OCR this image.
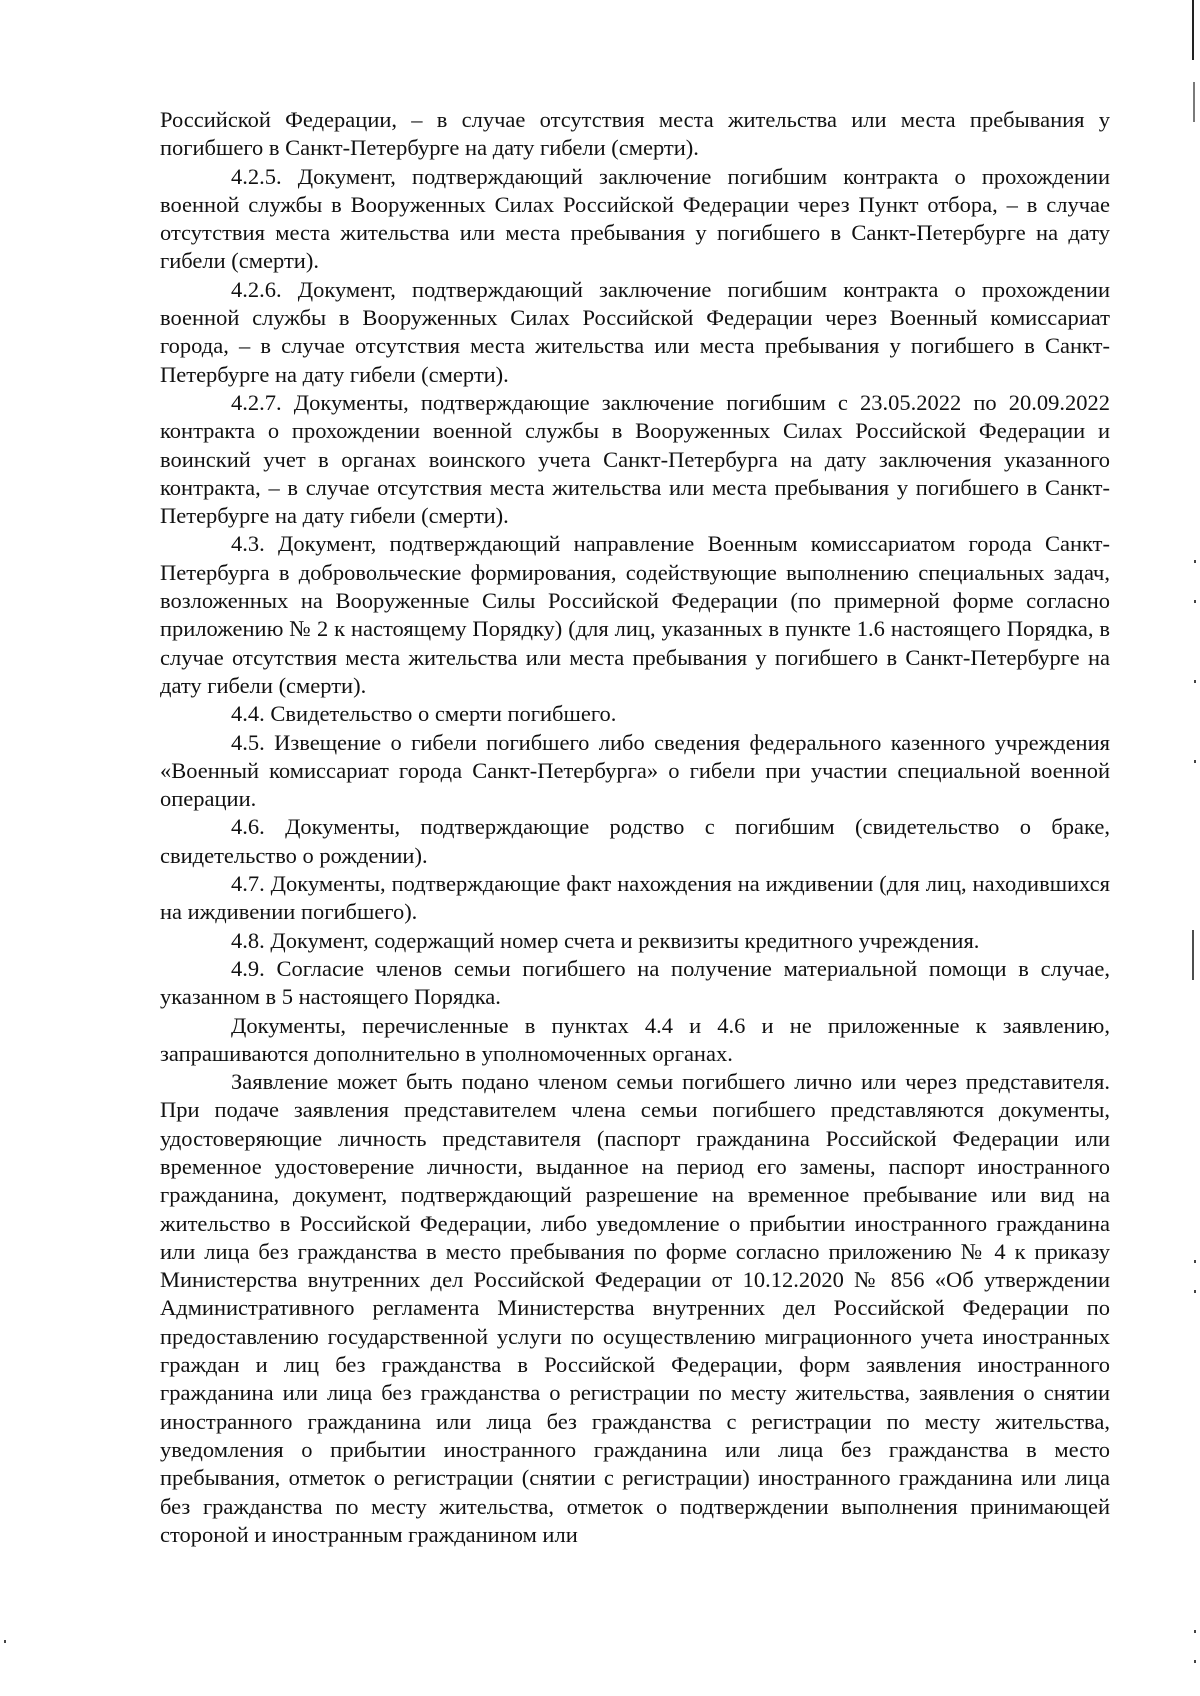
Российской Федерации, – в случае отсутствия места жительства или места пребывания у погибшего в Санкт-Петербурге на дату гибели (смерти).

4.2.5. Документ, подтверждающий заключение погибшим контракта о прохождении военной службы в Вооруженных Силах Российской Федерации через Пункт отбора, – в случае отсутствия места жительства или места пребывания у погибшего в Санкт-Петербурге на дату гибели (смерти).

4.2.6. Документ, подтверждающий заключение погибшим контракта о прохождении военной службы в Вооруженных Силах Российской Федерации через Военный комиссариат города, – в случае отсутствия места жительства или места пребывания у погибшего в Санкт-Петербурге на дату гибели (смерти).

4.2.7. Документы, подтверждающие заключение погибшим с 23.05.2022 по 20.09.2022 контракта о прохождении военной службы в Вооруженных Силах Российской Федерации и воинский учет в органах воинского учета Санкт-Петербурга на дату заключения указанного контракта, – в случае отсутствия места жительства или места пребывания у погибшего в Санкт-Петербурге на дату гибели (смерти).

4.3. Документ, подтверждающий направление Военным комиссариатом города Санкт-Петербурга в добровольческие формирования, содействующие выполнению специальных задач, возложенных на Вооруженные Силы Российской Федерации (по примерной форме согласно приложению № 2 к настоящему Порядку) (для лиц, указанных в пункте 1.6 настоящего Порядка, в случае отсутствия места жительства или места пребывания у погибшего в Санкт-Петербурге на дату гибели (смерти).

4.4. Свидетельство о смерти погибшего.

4.5. Извещение о гибели погибшего либо сведения федерального казенного учреждения «Военный комиссариат города Санкт-Петербурга» о гибели при участии специальной военной операции.

4.6. Документы, подтверждающие родство с погибшим (свидетельство о браке, свидетельство о рождении).

4.7. Документы, подтверждающие факт нахождения на иждивении (для лиц, находившихся на иждивении погибшего).

4.8. Документ, содержащий номер счета и реквизиты кредитного учреждения.

4.9. Согласие членов семьи погибшего на получение материальной помощи в случае, указанном в 5 настоящего Порядка.

Документы, перечисленные в пунктах 4.4 и 4.6 и не приложенные к заявлению, запрашиваются дополнительно в уполномоченных органах.

Заявление может быть подано членом семьи погибшего лично или через представителя. При подаче заявления представителем члена семьи погибшего представляются документы, удостоверяющие личность представителя (паспорт гражданина Российской Федерации или временное удостоверение личности, выданное на период его замены, паспорт иностранного гражданина, документ, подтверждающий разрешение на временное пребывание или вид на жительство в Российской Федерации, либо уведомление о прибытии иностранного гражданина или лица без гражданства в место пребывания по форме согласно приложению № 4 к приказу Министерства внутренних дел Российской Федерации от 10.12.2020 № 856 «Об утверждении Административного регламента Министерства внутренних дел Российской Федерации по предоставлению государственной услуги по осуществлению миграционного учета иностранных граждан и лиц без гражданства в Российской Федерации, форм заявления иностранного гражданина или лица без гражданства о регистрации по месту жительства, заявления о снятии иностранного гражданина или лица без гражданства с регистрации по месту жительства, уведомления о прибытии иностранного гражданина или лица без гражданства в место пребывания, отметок о регистрации (снятии с регистрации) иностранного гражданина или лица без гражданства по месту жительства, отметок о подтверждении выполнения принимающей стороной и иностранным гражданином или
